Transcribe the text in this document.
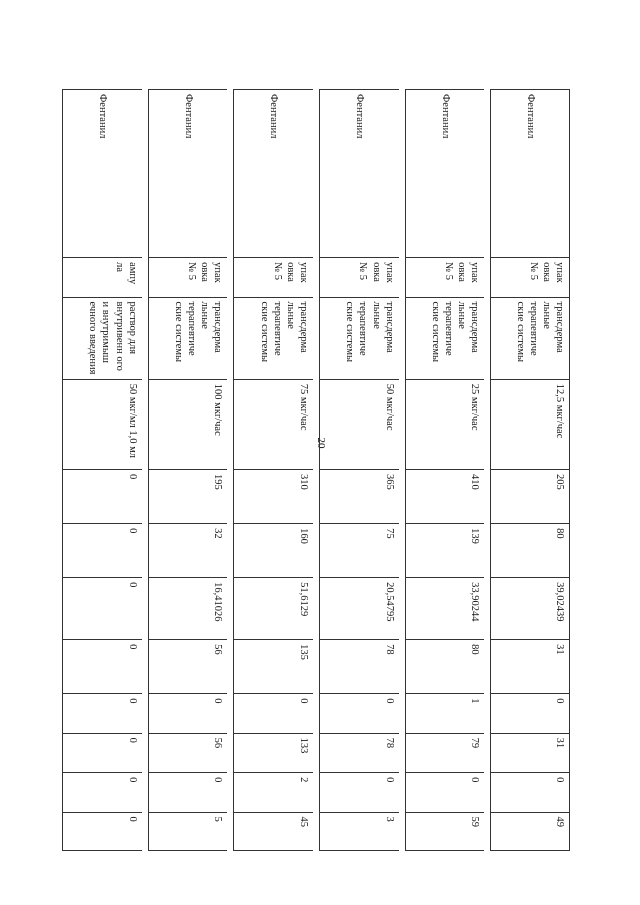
20
Фентанил	упак овка № 5	трансдерма льные терапевтиче ские системы	12,5 мкг/час	205	80	39,02439	31	0	31	0	49

Фентанил	упак овка № 5	трансдерма льные терапевтиче ские системы	25 мкг/час	410	139	33,90244	80	1	79	0	59

Фентанил	упак овка № 5	трансдерма льные терапевтиче ские системы	50 мкг/час	365	75	20,54795	78	0	78	0	3

Фентанил	упак овка № 5	трансдерма льные терапевтиче ские системы	75 мкг/час	310	160	51,6129	135	0	133	2	45

Фентанил	упак овка № 5	трансдерма льные терапевтиче ские системы	100 мкг/час	195	32	16,41026	56	0	56	0	5

Фентанил	ампу ла	раствор для внутривенн ого и внутримыш ечного введения	50 мкг/мл 1,0 мл	0	0	0	0	0	0	0	0
